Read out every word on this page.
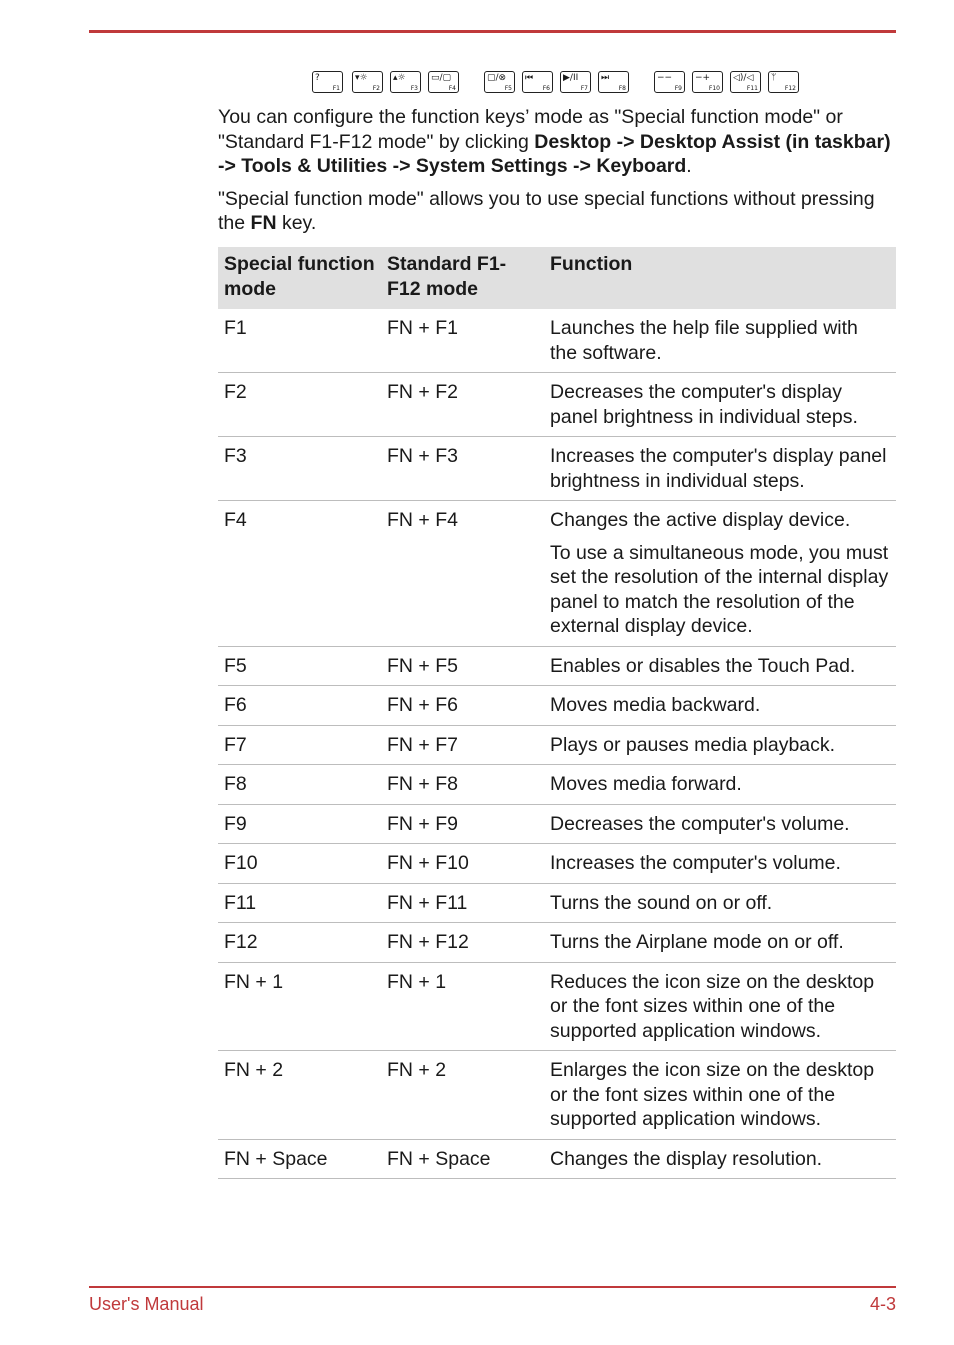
?
F1
▾☼
F2
▴☼
F3
▭/▢
F4
▢/⊗
F5
⏮
F6
▶/II
F7
⏭
F8
−−
F9
−+
F10
◁)/◁
F11
ᛘ
F12

You can configure the function keys’ mode as "Special function mode" or "Standard F1-F12 mode" by clicking Desktop -> Desktop Assist (in taskbar) -> Tools & Utilities -> System Settings -> Keyboard.

"Special function mode" allows you to use special functions without pressing the FN key.

Special function mode	Standard F1-F12 mode	Function
F1	FN + F1	Launches the help file supplied with the software.

F2	FN + F2	Decreases the computer's display panel brightness in individual steps.

F3	FN + F3	Increases the computer's display panel brightness in individual steps.

F4	FN + F4	Changes the active display device.

To use a simultaneous mode, you must set the resolution of the internal display panel to match the resolution of the external display device.

F5	FN + F5	Enables or disables the Touch Pad.

F6	FN + F6	Moves media backward.

F7	FN + F7	Plays or pauses media playback.

F8	FN + F8	Moves media forward.

F9	FN + F9	Decreases the computer's volume.

F10	FN + F10	Increases the computer's volume.

F11	FN + F11	Turns the sound on or off.

F12	FN + F12	Turns the Airplane mode on or off.

FN + 1	FN + 1	Reduces the icon size on the desktop or the font sizes within one of the supported application windows.

FN + 2	FN + 2	Enlarges the icon size on the desktop or the font sizes within one of the supported application windows.

FN + Space	FN + Space	Changes the display resolution.

User's Manual	4-3
